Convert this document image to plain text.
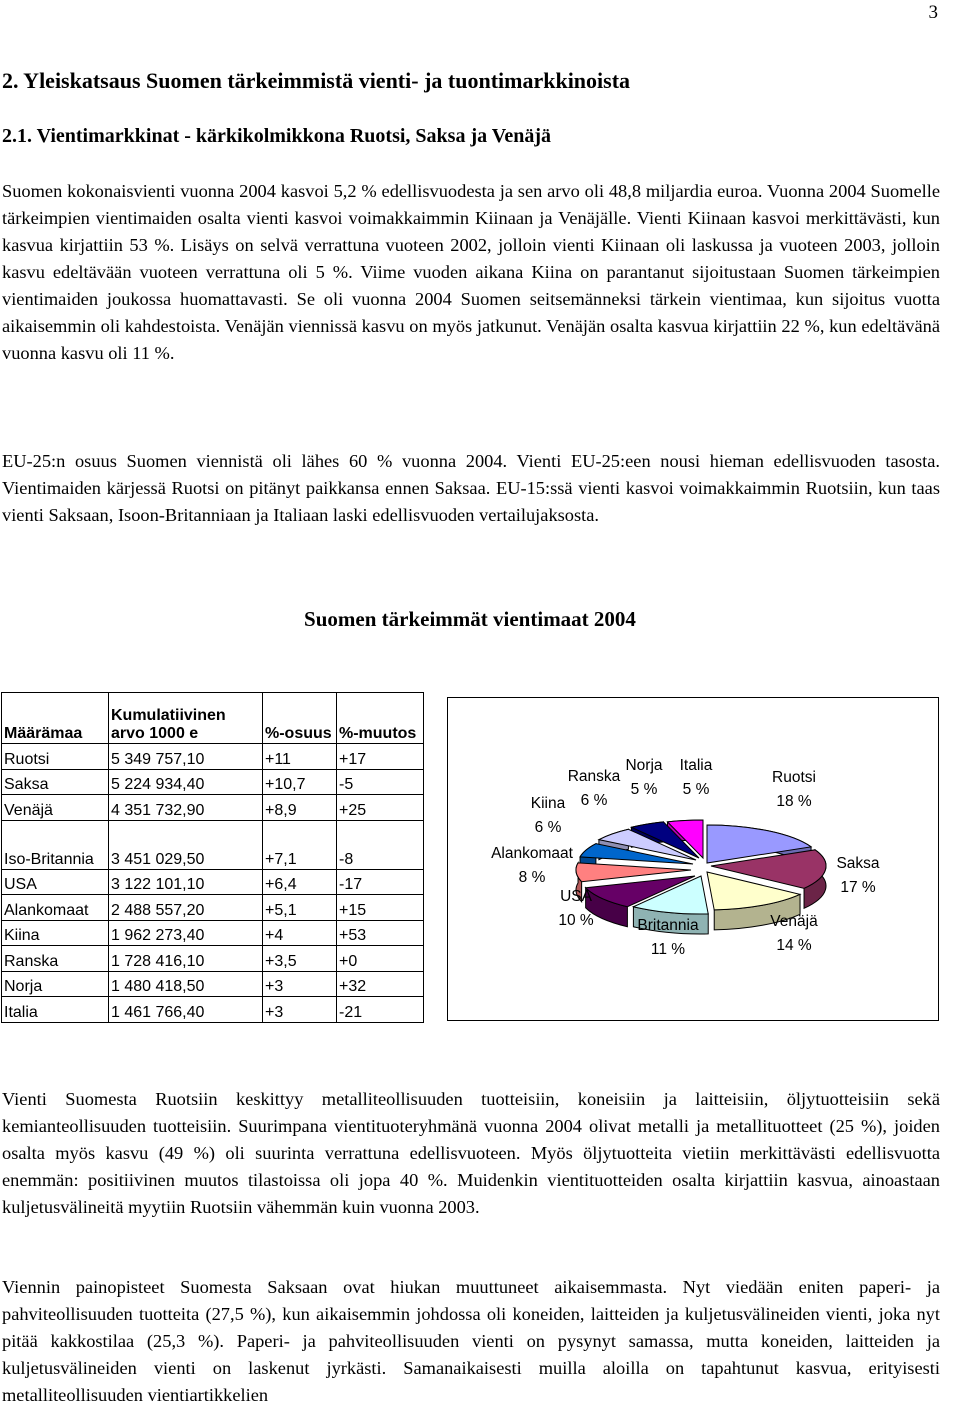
3
2. Yleiskatsaus Suomen tärkeimmistä vienti- ja tuontimarkkinoista
2.1. Vientimarkkinat - kärkikolmikkona Ruotsi, Saksa ja Venäjä

Suomen kokonaisvienti vuonna 2004 kasvoi 5,2 % edellisvuodesta ja sen arvo oli 48,8 miljardia euroa. Vuonna 2004 Suomelle tärkeimpien vientimaiden osalta vienti kasvoi voimakkaimmin Kiinaan ja Venäjälle. Vienti Kiinaan kasvoi merkittävästi, kun kasvua kirjattiin 53 %. Lisäys on selvä verrattuna vuoteen 2002, jolloin vienti Kiinaan oli laskussa ja vuoteen 2003, jolloin kasvu edeltävään vuoteen verrattuna oli 5 %. Viime vuoden aikana Kiina on parantanut sijoitustaan Suomen tärkeimpien vientimaiden joukossa huomattavasti. Se oli vuonna 2004 Suomen seitsemänneksi tärkein vientimaa, kun sijoitus vuotta aikaisemmin oli kahdestoista. Venäjän viennissä kasvu on myös jatkunut. Venäjän osalta kasvua kirjattiin 22 %, kun edeltävänä vuonna kasvu oli 11 %.

EU-25:n osuus Suomen viennistä oli lähes 60 % vuonna 2004. Vienti EU-25:een nousi hieman edellisvuoden tasosta. Vientimaiden kärjessä Ruotsi on pitänyt paikkansa ennen Saksaa. EU-15:ssä vienti kasvoi voimakkaimmin Ruotsiin, kun taas vienti Saksaan, Isoon-Britanniaan ja Italiaan laski edellisvuoden vertailujaksosta.

Suomen tärkeimmät vientimaat 2004
Määrämaa	Kumulatiivinen arvo 1000 e	%-osuus	%-muutos
Ruotsi	5 349 757,10	+11	+17
Saksa	5 224 934,40	+10,7	-5
Venäjä	4 351 732,90	+8,9	+25
Iso-Britannia	3 451 029,50	+7,1	-8
USA	3 122 101,10	+6,4	-17
Alankomaat	2 488 557,20	+5,1	+15
Kiina	1 962 273,40	+4	+53
Ranska	1 728 416,10	+3,5	+0
Norja	1 480 418,50	+3	+32
Italia	1 461 766,40	+3	-21
Ruotsi 18 %
Saksa 17 %
Venäjä 14 %
Britannia 11 %
USA 10 %
Alankomaat 8 %
Kiina 6 %
Ranska 6 %
Norja 5 %
Italia 5 %

Vienti Suomesta Ruotsiin keskittyy metalliteollisuuden tuotteisiin, koneisiin ja laitteisiin, öljytuotteisiin sekä kemianteollisuuden tuotteisiin. Suurimpana vientituoteryhmänä vuonna 2004 olivat metalli ja metallituotteet (25 %), joiden osalta myös kasvu (49 %) oli suurinta verrattuna edellisvuoteen. Myös öljytuotteita vietiin merkittävästi edellisvuotta enemmän: positiivinen muutos tilastoissa oli jopa 40 %. Muidenkin vientituotteiden osalta kirjattiin kasvua, ainoastaan kuljetusvälineitä myytiin Ruotsiin vähemmän kuin vuonna 2003.

Viennin painopisteet Suomesta Saksaan ovat hiukan muuttuneet aikaisemmasta. Nyt viedään eniten paperi- ja pahviteollisuuden tuotteita (27,5 %), kun aikaisemmin johdossa oli koneiden, laitteiden ja kuljetusvälineiden vienti, joka nyt pitää kakkostilaa (25,3 %). Paperi- ja pahviteollisuuden vienti on pysynyt samassa, mutta koneiden, laitteiden ja kuljetusvälineiden vienti on laskenut jyrkästi. Samanaikaisesti muilla aloilla on tapahtunut kasvua, erityisesti metalliteollisuuden vientiartikkelien
